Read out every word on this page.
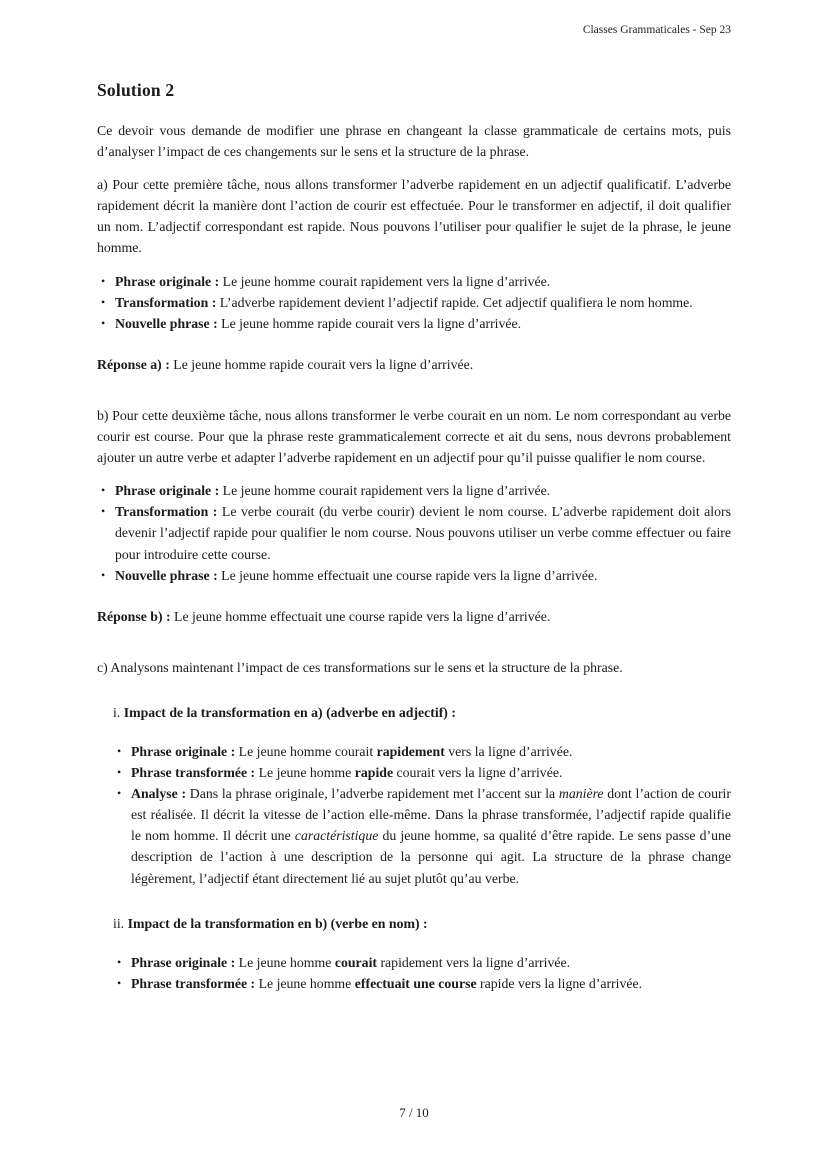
Classes Grammaticales - Sep 23
Solution 2

Ce devoir vous demande de modifier une phrase en changeant la classe grammaticale de certains mots, puis d’analyser l’impact de ces changements sur le sens et la structure de la phrase.

a) Pour cette première tâche, nous allons transformer l’adverbe rapidement en un adjectif qualificatif. L’adverbe rapidement décrit la manière dont l’action de courir est effectuée. Pour le transformer en adjectif, il doit qualifier un nom. L’adjectif correspondant est rapide. Nous pouvons l’utiliser pour qualifier le sujet de la phrase, le jeune homme.

• Phrase originale : Le jeune homme courait rapidement vers la ligne d’arrivée.
• Transformation : L’adverbe rapidement devient l’adjectif rapide. Cet adjectif qualifiera le nom homme.
• Nouvelle phrase : Le jeune homme rapide courait vers la ligne d’arrivée.

Réponse a) : Le jeune homme rapide courait vers la ligne d’arrivée.

b) Pour cette deuxième tâche, nous allons transformer le verbe courait en un nom. Le nom correspondant au verbe courir est course. Pour que la phrase reste grammaticalement correcte et ait du sens, nous devrons probablement ajouter un autre verbe et adapter l’adverbe rapidement en un adjectif pour qu’il puisse qualifier le nom course.

• Phrase originale : Le jeune homme courait rapidement vers la ligne d’arrivée.
• Transformation : Le verbe courait (du verbe courir) devient le nom course. L’adverbe rapidement doit alors devenir l’adjectif rapide pour qualifier le nom course. Nous pouvons utiliser un verbe comme effectuer ou faire pour introduire cette course.
• Nouvelle phrase : Le jeune homme effectuait une course rapide vers la ligne d’arrivée.

Réponse b) : Le jeune homme effectuait une course rapide vers la ligne d’arrivée.

c) Analysons maintenant l’impact de ces transformations sur le sens et la structure de la phrase.

i. Impact de la transformation en a) (adverbe en adjectif) :

• Phrase originale : Le jeune homme courait rapidement vers la ligne d’arrivée.
• Phrase transformée : Le jeune homme rapide courait vers la ligne d’arrivée.
• Analyse : Dans la phrase originale, l’adverbe rapidement met l’accent sur la manière dont l’action de courir est réalisée. Il décrit la vitesse de l’action elle-même. Dans la phrase transformée, l’adjectif rapide qualifie le nom homme. Il décrit une caractéristique du jeune homme, sa qualité d’être rapide. Le sens passe d’une description de l’action à une description de la personne qui agit. La structure de la phrase change légèrement, l’adjectif étant directement lié au sujet plutôt qu’au verbe.

ii. Impact de la transformation en b) (verbe en nom) :

• Phrase originale : Le jeune homme courait rapidement vers la ligne d’arrivée.
• Phrase transformée : Le jeune homme effectuait une course rapide vers la ligne d’arrivée.
7 / 10
